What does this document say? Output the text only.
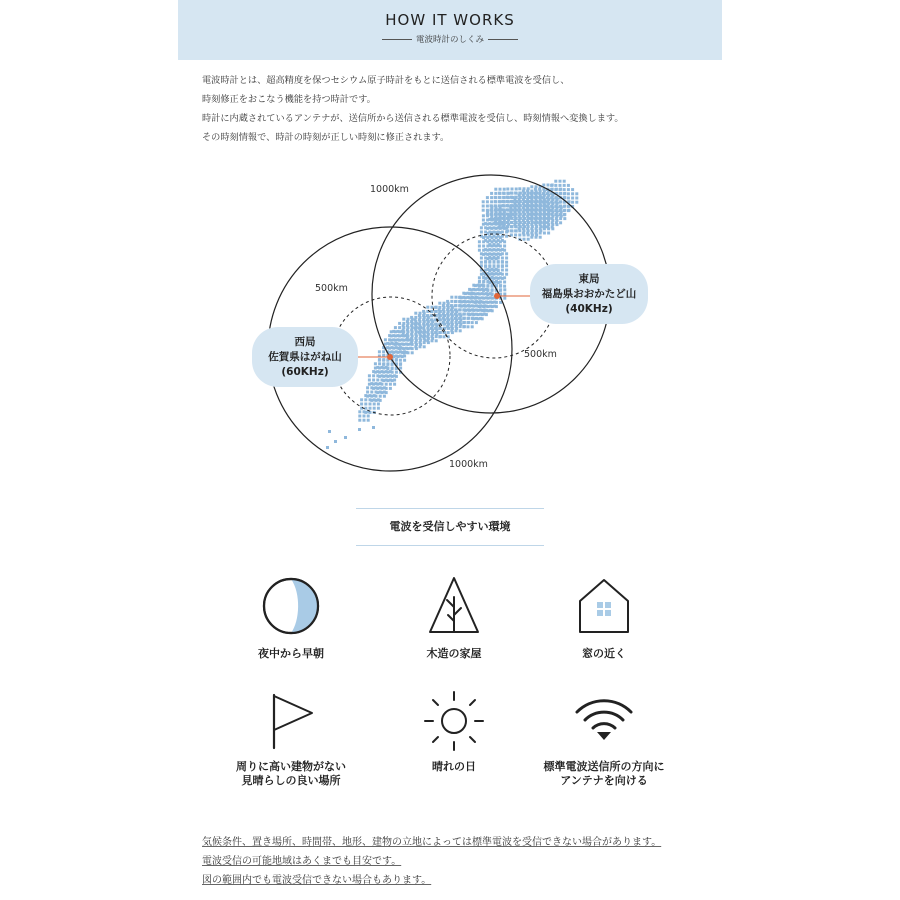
HOW IT WORKS
電波時計のしくみ

電波時計とは、超高精度を保つセシウム原子時計をもとに送信される標準電波を受信し、

時刻修正をおこなう機能を持つ時計です。

時計に内蔵されているアンテナが、送信所から送信される標準電波を受信し、時刻情報へ変換します。

その時刻情報で、時計の時刻が正しい時刻に修正されます。

1000km
500km
500km
1000km
東局
福島県おおかたど山
(40KHz)
西局
佐賀県はがね山
(60KHz)
電波を受信しやすい環境
夜中から早朝	木造の家屋	窓の近く
周りに高い建物がない
見晴らしの良い場所
晴れの日	標準電波送信所の方向に
アンテナを向ける

気候条件、置き場所、時間帯、地形、建物の立地によっては標準電波を受信できない場合があります。

電波受信の可能地域はあくまでも目安です。

図の範囲内でも電波受信できない場合もあります。
